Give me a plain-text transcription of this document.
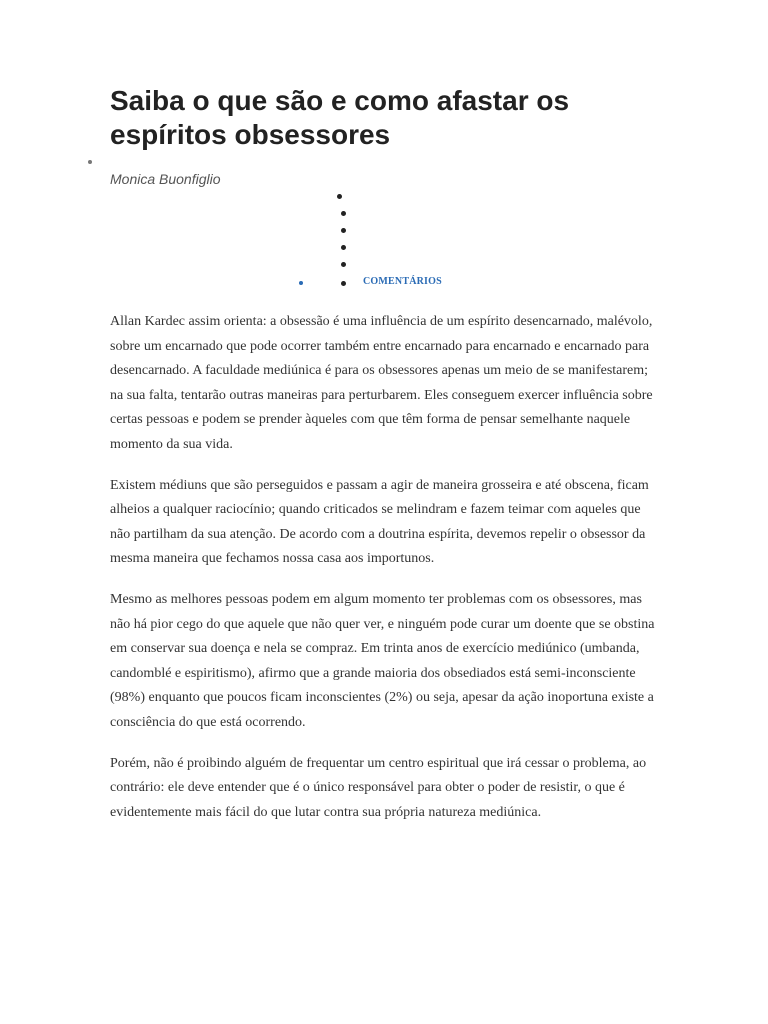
Saiba o que são e como afastar os espíritos obsessores
Monica Buonfiglio
COMENTÁRIOS

Allan Kardec assim orienta: a obsessão é uma influência de um espírito desencarnado, malévolo, sobre um encarnado que pode ocorrer também entre encarnado para encarnado e encarnado para desencarnado. A faculdade mediúnica é para os obsessores apenas um meio de se manifestarem; na sua falta, tentarão outras maneiras para perturbarem. Eles conseguem exercer influência sobre certas pessoas e podem se prender àqueles com que têm forma de pensar semelhante naquele momento da sua vida.

Existem médiuns que são perseguidos e passam a agir de maneira grosseira e até obscena, ficam alheios a qualquer raciocínio; quando criticados se melindram e fazem teimar com aqueles que não partilham da sua atenção. De acordo com a doutrina espírita, devemos repelir o obsessor da mesma maneira que fechamos nossa casa aos importunos.

Mesmo as melhores pessoas podem em algum momento ter problemas com os obsessores, mas não há pior cego do que aquele que não quer ver, e ninguém pode curar um doente que se obstina em conservar sua doença e nela se compraz. Em trinta anos de exercício mediúnico (umbanda, candomblé e espiritismo), afirmo que a grande maioria dos obsediados está semi-inconsciente (98%) enquanto que poucos ficam inconscientes (2%) ou seja, apesar da ação inoportuna existe a consciência do que está ocorrendo.

Porém, não é proibindo alguém de frequentar um centro espiritual que irá cessar o problema, ao contrário: ele deve entender que é o único responsável para obter o poder de resistir, o que é evidentemente mais fácil do que lutar contra sua própria natureza mediúnica.
